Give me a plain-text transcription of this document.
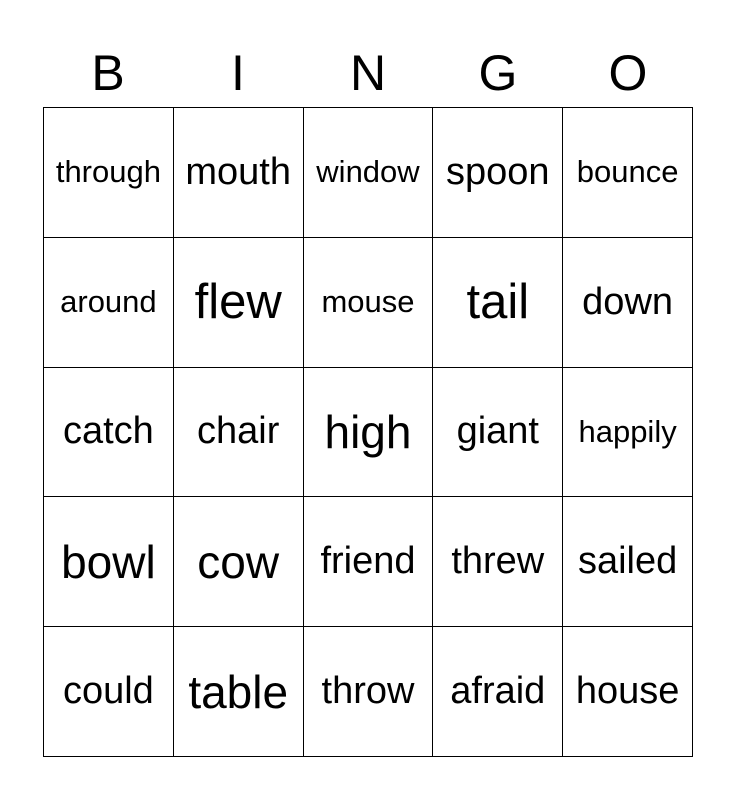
B	I	N	G	O
through mouth window spoon bounce
around flew	mouse	tail	down
catch	chair high	giant	happily
bowl cow	friend threw sailed
could table throw afraid house
